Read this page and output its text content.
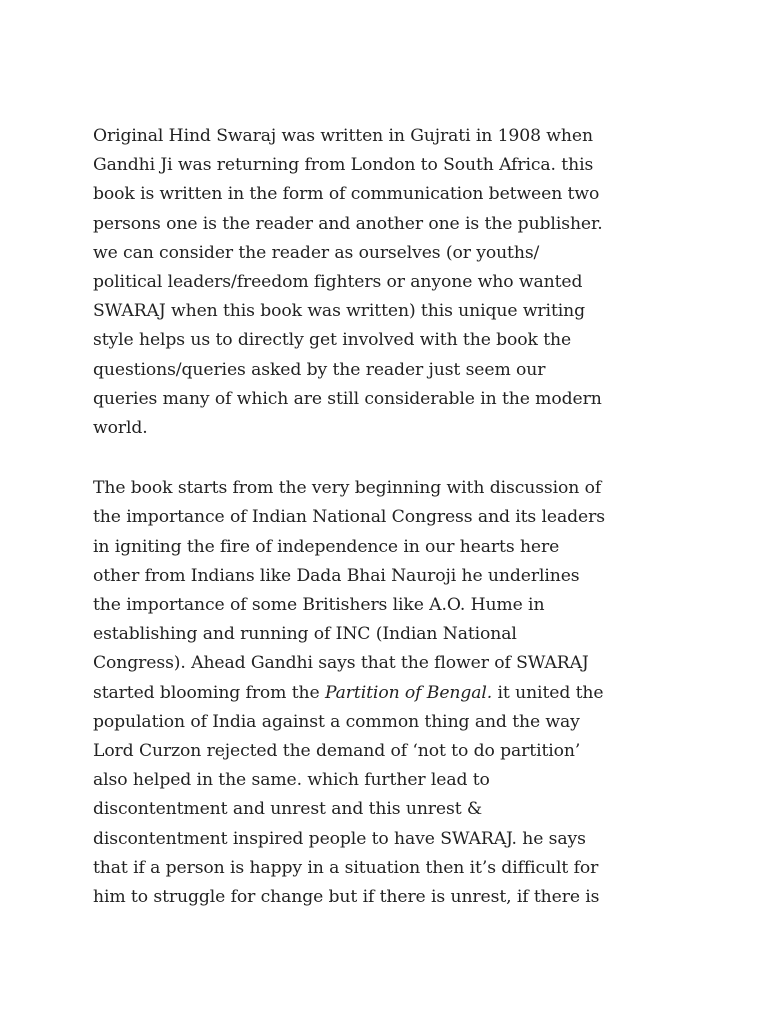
Original Hind Swaraj was written in Gujrati in 1908 when
Gandhi Ji was returning from London to South Africa. this
book is written in the form of communication between two
persons one is the reader and another one is the publisher.
we can consider the reader as ourselves (or youths/
political leaders/freedom fighters or anyone who wanted
SWARAJ when this book was written) this unique writing
style helps us to directly get involved with the book the
questions/queries asked by the reader just seem our
queries many of which are still considerable in the modern
world.

The book starts from the very beginning with discussion of
the importance of Indian National Congress and its leaders
in igniting the fire of independence in our hearts here
other from Indians like Dada Bhai Nauroji he underlines
the importance of some Britishers like A.O. Hume in
establishing and running of INC (Indian National
Congress). Ahead Gandhi says that the flower of SWARAJ
started blooming from the Partition of Bengal. it united the
population of India against a common thing and the way
Lord Curzon rejected the demand of ‘not to do partition’
also helped in the same. which further lead to
discontentment and unrest and this unrest &
discontentment inspired people to have SWARAJ. he says
that if a person is happy in a situation then it’s difficult for
him to struggle for change but if there is unrest, if there is
